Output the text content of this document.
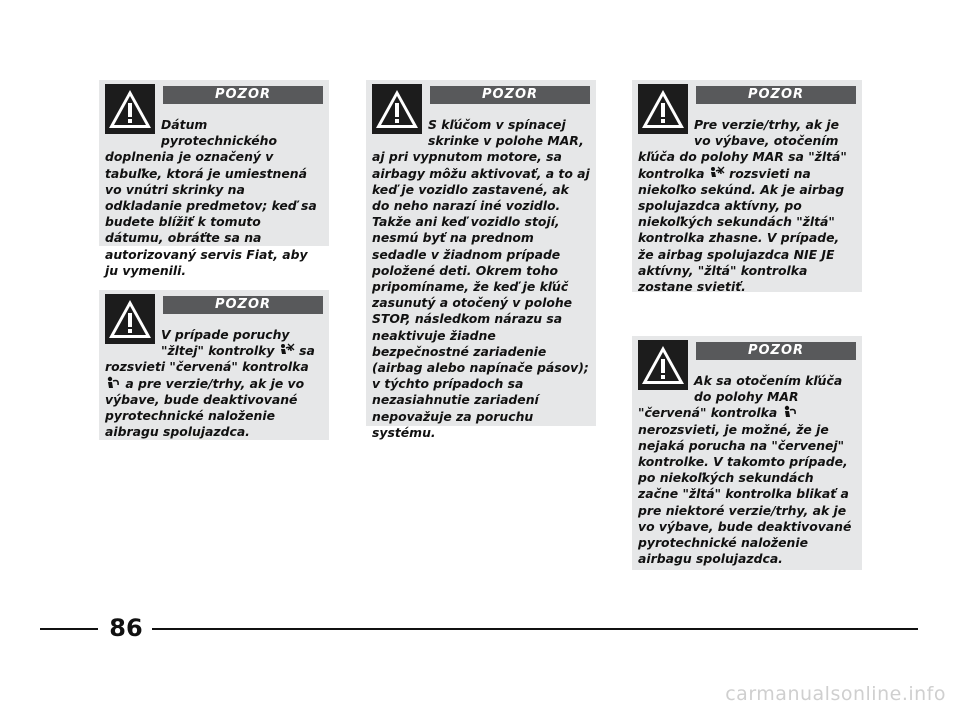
POZOR
Dátum pyrotechnického doplnenia je označený v tabuľke, ktorá je umiestnená vo vnútri skrinky na odkladanie predmetov; keď sa budete blížiť k tomuto dátumu, obráťte sa na autorizovaný servis Fiat, aby ju vymenili.
POZOR
V prípade poruchy "žltej" kontrolky
sa rozsvieti "červená" kontrolka
a pre verzie/trhy, ak je vo výbave, bude deaktivované pyrotechnické naloženie aibragu spolujazdca.
POZOR
S kľúčom v spínacej skrinke v polohe MAR, aj pri vypnutom motore, sa airbagy môžu aktivovať, a to aj keď je vozidlo zastavené, ak do neho narazí iné vozidlo. Takže ani keď vozidlo stojí, nesmú byť na prednom sedadle v žiadnom prípade položené deti. Okrem toho pripomíname, že keď je kľúč zasunutý a otočený v polohe STOP, následkom nárazu sa neaktivuje žiadne bezpečnostné zariadenie (airbag alebo napínače pásov); v týchto prípadoch sa nezasiahnutie zariadení nepovažuje za poruchu systému.
POZOR
Pre verzie/trhy, ak je vo výbave, otočením kľúča do polohy MAR sa "žltá" kontrolka
rozsvieti na niekoľko sekúnd. Ak je airbag spolujazdca aktívny, po niekoľkých sekundách "žltá" kontrolka zhasne. V prípade, že airbag spolujazdca NIE JE aktívny, "žltá" kontrolka zostane svietiť.
POZOR
Ak sa otočením kľúča do polohy MAR "červená" kontrolka
nerozsvieti, je možné, že je nejaká porucha na "červenej" kontrolke. V takomto prípade, po niekoľkých sekundách začne "žltá" kontrolka blikať a pre niektoré verzie/trhy, ak je vo výbave, bude deaktivované pyrotechnické naloženie airbagu spolujazdca.
86
carmanualsonline.info
